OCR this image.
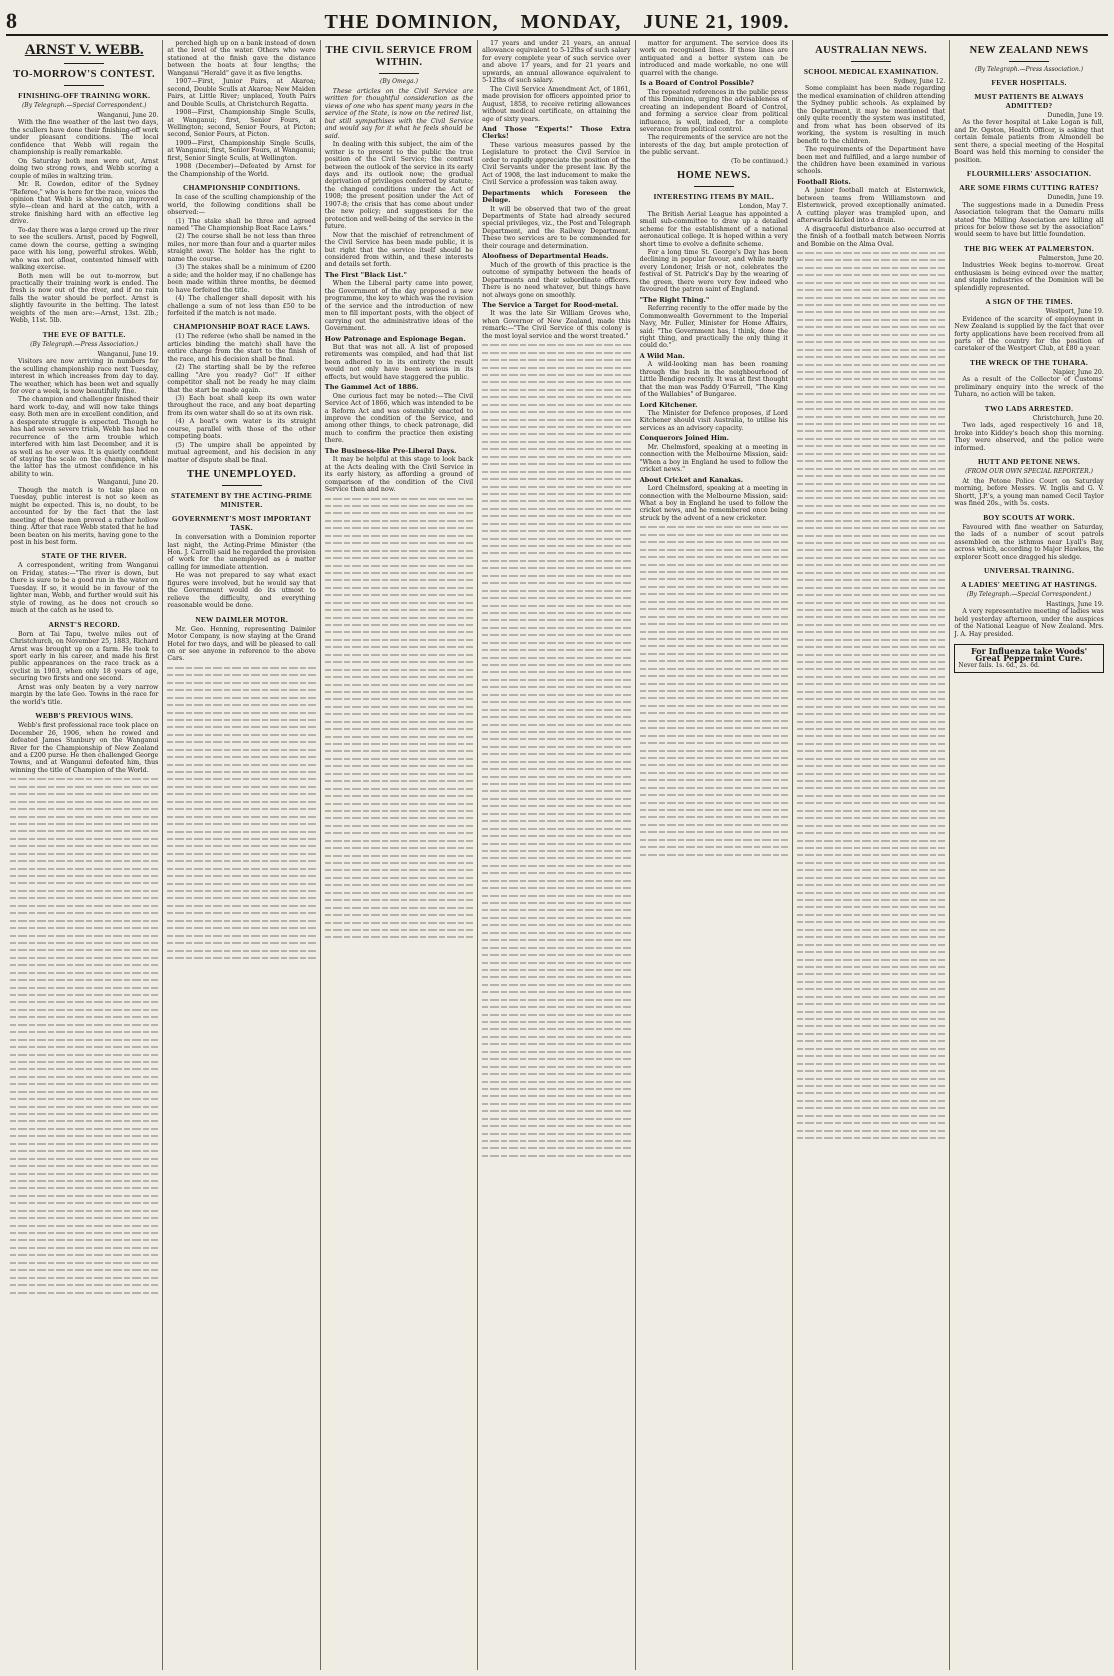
8	THE DOMINION, MONDAY, JUNE 21, 1909.
ARNST V. WEBB.
TO-MORROW'S CONTEST.
FINISHING-OFF TRAINING WORK.
(By Telegraph.—Special Correspondent.)
Wanganui, June 20.
With the fine weather of the last two days, the scullers have done their finishing-off work under pleasant conditions. The local confidence that Webb will regain the championship is really remarkable.
On Saturday both men were out, Arnst doing two strong rows, and Webb scoring a couple of miles in waltzing trim.
Mr. R. Cowdon, editor of the Sydney "Referee," who is here for the race, voices the opinion that Webb is showing an improved style—clean and hard at the catch, with a stroke finishing hard with an effective leg drive.
To-day there was a large crowd up the river to see the scullers. Arnst, paced by Fogwell, came down the course, getting a swinging pace with his long, powerful strokes. Webb, who was not afloat, contented himself with walking exercise.
Both men will be out to-morrow, but practically their training work is ended. The fresh is now out of the river, and if no rain falls the water should be perfect. Arnst is slightly favourite in the betting. The latest weights of the men are:—Arnst, 13st. 2lb.; Webb, 11st. 5lb.
THE EVE OF BATTLE.
(By Telegraph.—Press Association.)
Wanganui, June 19.
Visitors are now arriving in numbers for the sculling championship race next Tuesday, interest in which increases from day to day. The weather, which has been wet and squally for over a week, is now beautifully fine.
The champion and challenger finished their hard work to-day, and will now take things easy. Both men are in excellent condition, and a desperate struggle is expected. Though he has had seven severe trials, Webb has had no recurrence of the arm trouble which interfered with him last December, and it is as well as he ever was. It is quietly confident of staying the scale on the champion, while the latter has the utmost confidence in his ability to win.
Wanganui, June 20.
Though the match is to take place on Tuesday, public interest is not so keen as might be expected. This is, no doubt, to be accounted for by the fact that the last meeting of these men proved a rather hollow thing. After that race Webb stated that he had been beaten on his merits, having gone to the post in his best form.
STATE OF THE RIVER.
A correspondent, writing from Wanganui on Friday, states:—"The river is down, but there is sure to be a good run in the water on Tuesday. If so, it would be in favour of the lighter man, Webb, and further would suit his style of rowing, as he does not crouch so much at the catch as he used to.
ARNST'S RECORD.
Born at Tai Tapu, twelve miles out of Christchurch, on November 25, 1883, Richard Arnst was brought up on a farm. He took to sport early in his career, and made his first public appearances on the race track as a cyclist in 1903, when only 18 years of age, securing two firsts and one second.
Arnst was only beaten by a very narrow margin by the late Geo. Towns in the race for the world's title.
WEBB'S PREVIOUS WINS.
Webb's first professional race took place on December 26, 1906, when he rowed and defeated James Stanbury on the Wanganui River for the Championship of New Zealand and a £200 purse. He then challenged George Towns, and at Wanganui defeated him, thus winning the title of Champion of the World.
perched high up on a bank instead of down at the level of the water. Others who were stationed at the finish gave the distance between the boats at four lengths; the Wanganui "Herald" gave it as five lengths.
1907—First, Junior Pairs, at Akaroa; second, Double Sculls at Akaroa; New Maiden Pairs, at Little River; unplaced, Youth Pairs and Double Sculls, at Christchurch Regatta.
1908—First, Championship Single Sculls, at Wanganui; first, Senior Fours, at Wellington; second, Senior Fours, at Picton; second, Senior Fours, at Picton.
1909—First, Championship Single Sculls, at Wanganui; first, Senior Fours, at Wanganui; first, Senior Single Sculls, at Wellington.
1908 (December)—Defeated by Arnst for the Championship of the World.
CHAMPIONSHIP CONDITIONS.
In case of the sculling championship of the world, the following conditions shall be observed:—
(1) The stake shall be three and agreed named "The Championship Boat Race Laws."
(2) The course shall be not less than three miles, nor more than four and a quarter miles straight away. The holder has the right to name the course.
(3) The stakes shall be a minimum of £200 a side; and the holder may, if no challenge has been made within three months, be deemed to have forfeited the title.
(4) The challenger shall deposit with his challenge a sum of not less than £50 to be forfeited if the match is not made.
CHAMPIONSHIP BOAT RACE LAWS.
(1) The referee (who shall be named in the articles binding the match) shall have the entire charge from the start to the finish of the race, and his decision shall be final.
(2) The starting shall be by the referee calling "Are you ready? Go!" If either competitor shall not be ready he may claim that the start be made again.
(3) Each boat shall keep its own water throughout the race, and any boat departing from its own water shall do so at its own risk.
(4) A boat's own water is its straight course, parallel with those of the other competing boats.
(5) The umpire shall be appointed by mutual agreement, and his decision in any matter of dispute shall be final.
THE UNEMPLOYED.
STATEMENT BY THE ACTING-PRIME MINISTER.
GOVERNMENT'S MOST IMPORTANT TASK.
In conversation with a Dominion reporter last night, the Acting-Prime Minister (the Hon. J. Carroll) said he regarded the provision of work for the unemployed as a matter calling for immediate attention.
He was not prepared to say what exact figures were involved, but he would say that the Government would do its utmost to relieve the difficulty, and everything reasonable would be done.
NEW DAIMLER MOTOR.
Mr. Geo. Henning, representing Daimler Motor Company, is now staying at the Grand Hotel for two days, and will be pleased to call on or see anyone in reference to the above Cars.
THE CIVIL SERVICE FROM WITHIN.
(By Omega.)
These articles on the Civil Service are written for thoughtful consideration as the views of one who has spent many years in the service of the State, is now on the retired list, but still sympathises with the Civil Service and would say for it what he feels should be said.
In dealing with this subject, the aim of the writer is to present to the public the true position of the Civil Service; the contrast between the outlook of the service in its early days and its outlook now; the gradual deprivation of privileges conferred by statute; the changed conditions under the Act of 1908; the present position under the Act of 1907-8; the crisis that has come about under the new policy; and suggestions for the protection and well-being of the service in the future.
Now that the mischief of retrenchment of the Civil Service has been made public, it is but right that the service itself should be considered from within, and these interests and details set forth.
The First "Black List."
When the Liberal party came into power, the Government of the day proposed a new programme, the key to which was the revision of the service and the introduction of new men to fill important posts, with the object of carrying out the administrative ideas of the Government.
How Patronage and Espionage Began.
But that was not all. A list of proposed retirements was compiled, and had that list been adhered to in its entirety the result would not only have been serious in its effects, but would have staggered the public.
The Gammel Act of 1886.
One curious fact may be noted:—The Civil Service Act of 1866, which was intended to be a Reform Act and was ostensibly enacted to improve the condition of the Service, and among other things, to check patronage, did much to confirm the practice then existing there.
The Business-like Pre-Liberal Days.
It may be helpful at this stage to look back at the Acts dealing with the Civil Service in its early history, as affording a ground of comparison of the condition of the Civil Service then and now.
17 years and under 21 years, an annual allowance equivalent to 5-12ths of such salary for every complete year of such service over and above 17 years, and for 21 years and upwards, an annual allowance equivalent to 5-12ths of such salary.
The Civil Service Amendment Act, of 1861, made provision for officers appointed prior to August, 1858, to receive retiring allowances without medical certificate, on attaining the age of sixty years.
And Those "Experts!" Those Extra Clerks!
These various measures passed by the Legislature to protect the Civil Service in order to rapidly appreciate the position of the Civil Servants under the present law. By the Act of 1908, the last inducement to make the Civil Service a profession was taken away.
Departments which Foreseen the Deluge.
It will be observed that two of the great Departments of State had already secured special privileges, viz., the Post and Telegraph Department, and the Railway Department. These two services are to be commended for their courage and determination.
Aloofness of Departmental Heads.
Much of the growth of this practice is the outcome of sympathy between the heads of Departments and their subordinate officers. There is no need whatever, but things have not always gone on smoothly.
The Service a Target for Rood-metal.
It was the late Sir William Groves who, when Governor of New Zealand, made this remark:—"The Civil Service of this colony is the most loyal service and the worst treated."
mattor for argument. The service does its work on recognised lines. If those lines are antiquated and a better system can be introduced and made workable, no one will quarrel with the change.
Is a Board of Control Possible?
The repeated references in the public press of this Dominion, urging the advisableness of creating an independent Board of Control, and forming a service clear from political influence, is well, indeed, for a complete severance from political control.
The requirements of the service are not the interests of the day, but ample protection of the public servant.
(To be continued.)
HOME NEWS.
INTERESTING ITEMS BY MAIL.
London, May 7.
The British Aerial League has appointed a small sub-committee to draw up a detailed scheme for the establishment of a national aeronautical college. It is hoped within a very short time to evolve a definite scheme.
For a long time St. George's Day has been declining in popular favour, and while nearly every Londoner, Irish or not, celebrates the festival of St. Patrick's Day by the wearing of the green, there were very few indeed who favoured the patron saint of England.
"The Right Thing."
Referring recently to the offer made by the Commonwealth Government to the Imperial Navy, Mr. Fuller, Minister for Home Affairs, said: "The Government has, I think, done the right thing, and practically the only thing it could do."
A Wild Man.
A wild-looking man has been roaming through the bush in the neighbourhood of Little Bendigo recently. It was at first thought that the man was Paddy O'Farrell, "The King of the Wallabies" of Bungaree.
Lord Kitchener.
The Minister for Defence proposes, if Lord Kitchener should visit Australia, to utilise his services as an advisory capacity.
Conquerors Joined Him.
Mr. Chelmsford, speaking at a meeting in connection with the Melbourne Mission, said: "When a boy in England he used to follow the cricket news."
About Cricket and Kanakas.
Lord Chelmsford, speaking at a meeting in connection with the Melbourne Mission, said: What a boy in England he used to follow the cricket news, and he remembered once being struck by the advent of a new cricketer.
AUSTRALIAN NEWS.
SCHOOL MEDICAL EXAMINATION.
Sydney, June 12.
Some complaint has been made regarding the medical examination of children attending the Sydney public schools. As explained by the Department, it may be mentioned that only quite recently the system was instituted, and from what has been observed of its working, the system is resulting in much benefit to the children.
The requirements of the Department have been met and fulfilled, and a large number of the children have been examined in various schools.
Football Riots.
A junior football match at Elsternwick, between teams from Williamstown and Elsternwick, proved exceptionally animated. A cutting player was trampled upon, and afterwards kicked into a drain.
A disgraceful disturbance also occurred at the finish of a football match between Norris and Bombie on the Alma Oval.
NEW ZEALAND NEWS
(By Telegraph.—Press Association.)
FEVER HOSPITALS.
MUST PATIENTS BE ALWAYS ADMITTED?
Dunedin, June 19.
As the fever hospital at Lake Logan is full, and Dr. Ogston, Health Officer, is asking that certain female patients from Almondell be sent there, a special meeting of the Hospital Board was held this morning to consider the position.
FLOURMILLERS' ASSOCIATION.
ARE SOME FIRMS CUTTING RATES?
Dunedin, June 19.
The suggestions made in a Dunedin Press Association telegram that the Oamaru mills stated "the Milling Association are killing all prices for below those set by the association" would seem to have but little foundation.
THE BIG WEEK AT PALMERSTON.
Palmerston, June 20.
Industries Week begins to-morrow. Great enthusiasm is being evinced over the matter, and staple industries of the Dominion will be splendidly represented.
A SIGN OF THE TIMES.
Westport, June 19.
Evidence of the scarcity of employment in New Zealand is supplied by the fact that over forty applications have been received from all parts of the country for the position of caretaker of the Westport Club, at £80 a year.
THE WRECK OF THE TUHARA.
Napier, June 20.
As a result of the Collector of Customs' preliminary enquiry into the wreck of the Tuhara, no action will be taken.
TWO LADS ARRESTED.
Christchurch, June 20.
Two lads, aged respectively 16 and 18, broke into Kiddey's beach shop this morning. They were observed, and the police were informed.
HUTT AND PETONE NEWS.
(FROM OUR OWN SPECIAL REPORTER.)
At the Petone Police Court on Saturday morning, before Messrs. W. Inglis and G. V. Shortt, J.P.'s, a young man named Cecil Taylor was fined 20s., with 5s. costs.
BOY SCOUTS AT WORK.
Favoured with fine weather on Saturday, the lads of a number of scout patrols assembled on the isthmus near Lyall's Bay, across which, according to Major Hawkes, the explorer Scott once dragged his sledge.
UNIVERSAL TRAINING.
A LADIES' MEETING AT HASTINGS.
(By Telegraph.—Special Correspondent.)
Hastings, June 19.
A very representative meeting of ladies was held yesterday afternoon, under the auspices of the National League of New Zealand. Mrs. J. A. Hay presided.
For Influenza take Woods' Great Peppermint Cure.
Never fails. 1s. 6d., 2s. 6d.
